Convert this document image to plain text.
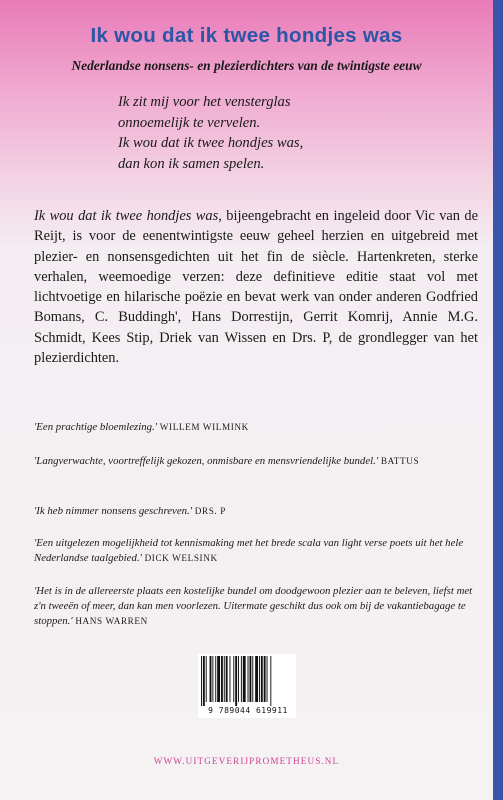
Ik wou dat ik twee hondjes was
Nederlandse nonsens- en plezierdichters van de twintigste eeuw
Ik zit mij voor het vensterglas
onnoemelijk te vervelen.
Ik wou dat ik twee hondjes was,
dan kon ik samen spelen.
Ik wou dat ik twee hondjes was, bijeengebracht en ingeleid door Vic van de Reijt, is voor de eenentwintigste eeuw geheel herzien en uitgebreid met plezier- en nonsensgedichten uit het fin de siècle. Hartenkreten, sterke verhalen, weemoedige verzen: deze definitieve editie staat vol met lichtvoetige en hilarische poëzie en bevat werk van onder anderen Godfried Bomans, C. Buddingh', Hans Dorrestijn, Gerrit Komrij, Annie M.G. Schmidt, Kees Stip, Driek van Wissen en Drs. P, de grondlegger van het plezierdichten.

'Een prachtige bloemlezing.' WILLEM WILMINK

'Langverwachte, voortreffelijk gekozen, onmisbare en mensvriendelijke bundel.' BATTUS

'Ik heb nimmer nonsens geschreven.' DRS. P

'Een uitgelezen mogelijkheid tot kennismaking met het brede scala van light verse poets uit het hele Nederlandse taalgebied.' DICK WELSINK

'Het is in de allereerste plaats een kostelijke bundel om doodgewoon plezier aan te beleven, liefst met z'n tweeën of meer, dan kan men voorlezen. Uitermate geschikt dus ook om bij de vakantiebagage te stoppen.' HANS WARREN

9 789044 619911
WWW.UITGEVERIJPROMETHEUS.NL
